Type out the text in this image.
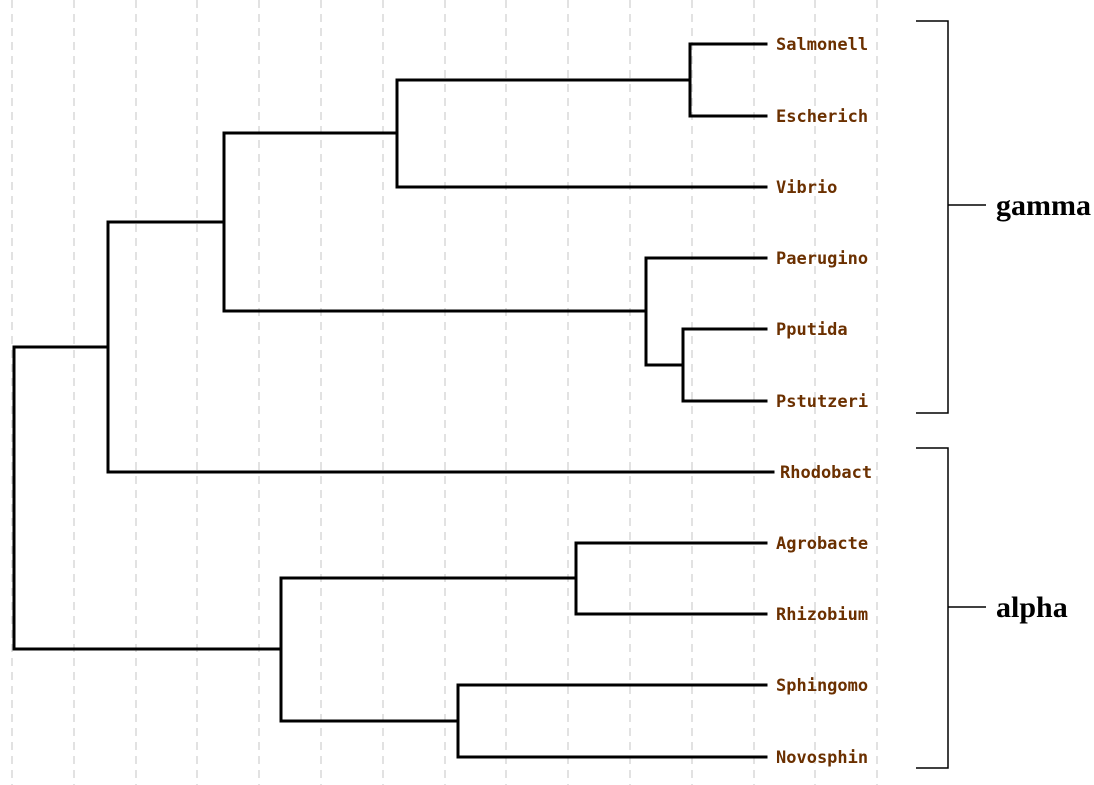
Salmonell
Escherich
Vibrio
Paerugino
Pputida
Pstutzeri
Rhodobact
Agrobacte
Rhizobium
Sphingomo
Novosphin
gamma
alpha
